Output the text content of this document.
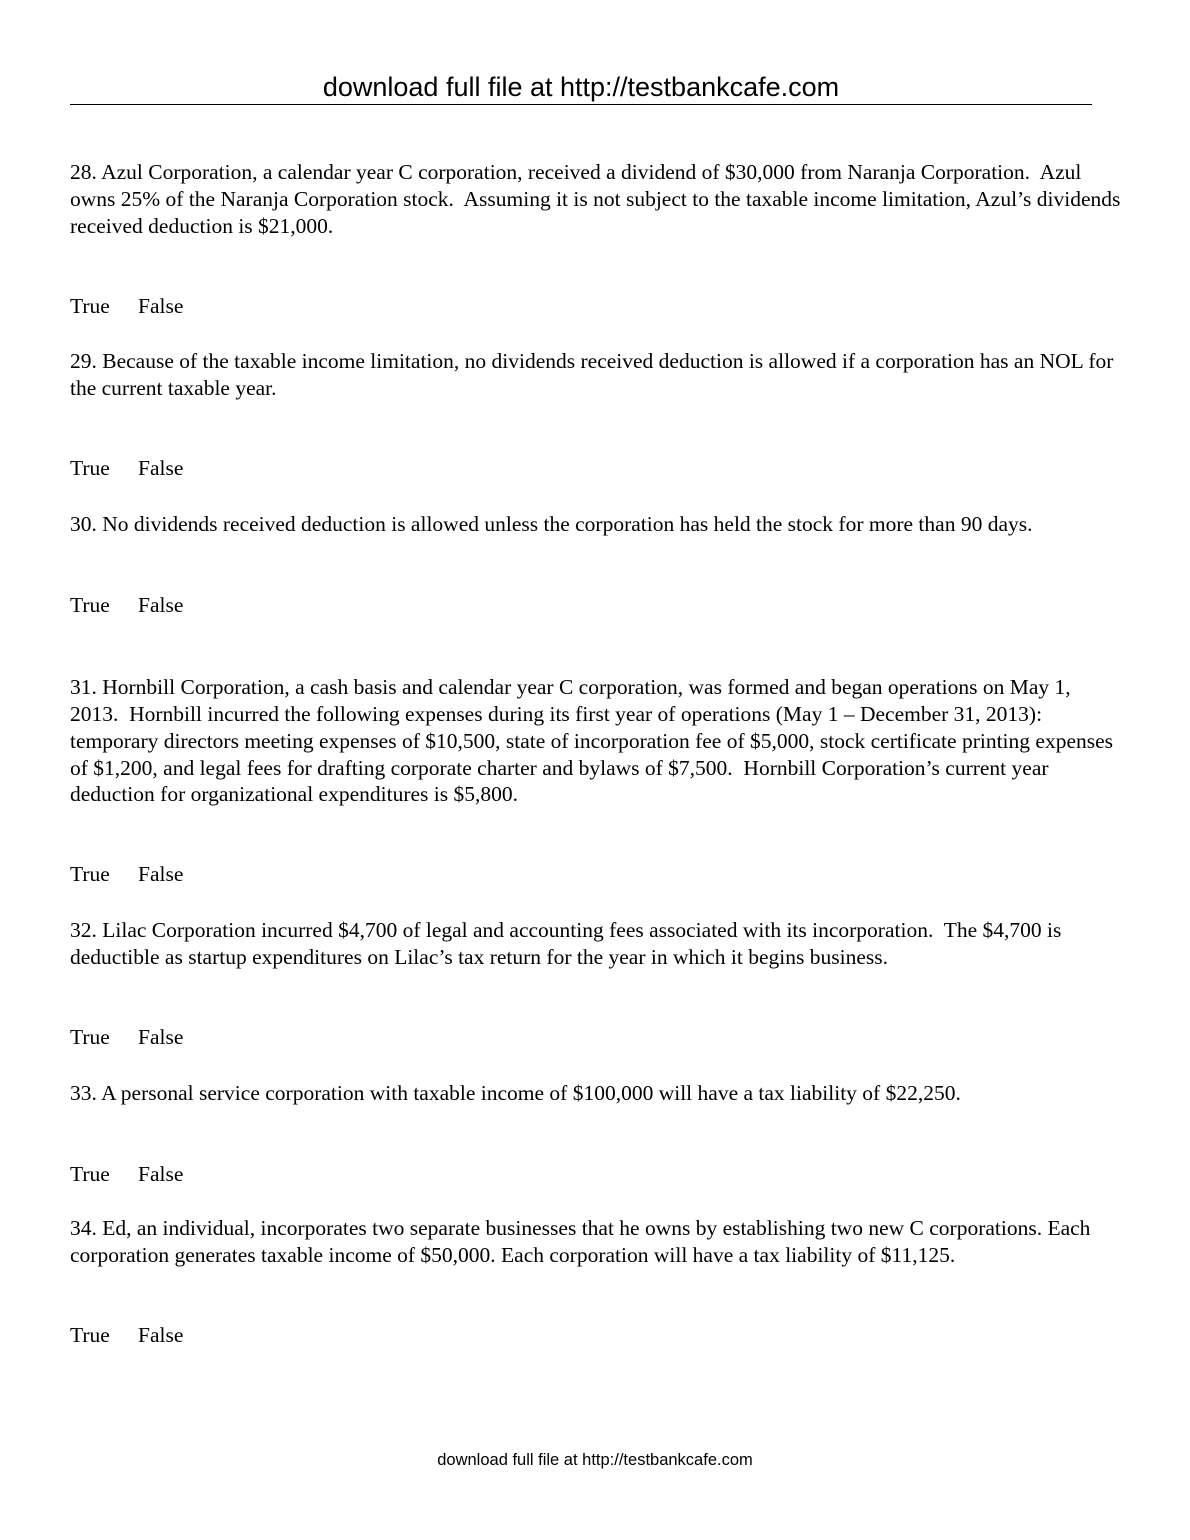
download full file at http://testbankcafe.com

28. Azul Corporation, a calendar year C corporation, received a dividend of $30,000 from Naranja Corporation.  Azul owns 25% of the Naranja Corporation stock.  Assuming it is not subject to the taxable income limitation, Azul’s dividends received deduction is $21,000.

True False

29. Because of the taxable income limitation, no dividends received deduction is allowed if a corporation has an NOL for the current taxable year.

True False

30. No dividends received deduction is allowed unless the corporation has held the stock for more than 90 days.

True False

31. Hornbill Corporation, a cash basis and calendar year C corporation, was formed and began operations on May 1, 2013.  Hornbill incurred the following expenses during its first year of operations (May 1 – December 31, 2013): temporary directors meeting expenses of $10,500, state of incorporation fee of $5,000, stock certificate printing expenses of $1,200, and legal fees for drafting corporate charter and bylaws of $7,500.  Hornbill Corporation’s current year deduction for organizational expenditures is $5,800.

True False

32. Lilac Corporation incurred $4,700 of legal and accounting fees associated with its incorporation.  The $4,700 is deductible as startup expenditures on Lilac’s tax return for the year in which it begins business.

True False

33. A personal service corporation with taxable income of $100,000 will have a tax liability of $22,250.

True False

34. Ed, an individual, incorporates two separate businesses that he owns by establishing two new C corporations. Each corporation generates taxable income of $50,000. Each corporation will have a tax liability of $11,125.

True False

download full file at http://testbankcafe.com
